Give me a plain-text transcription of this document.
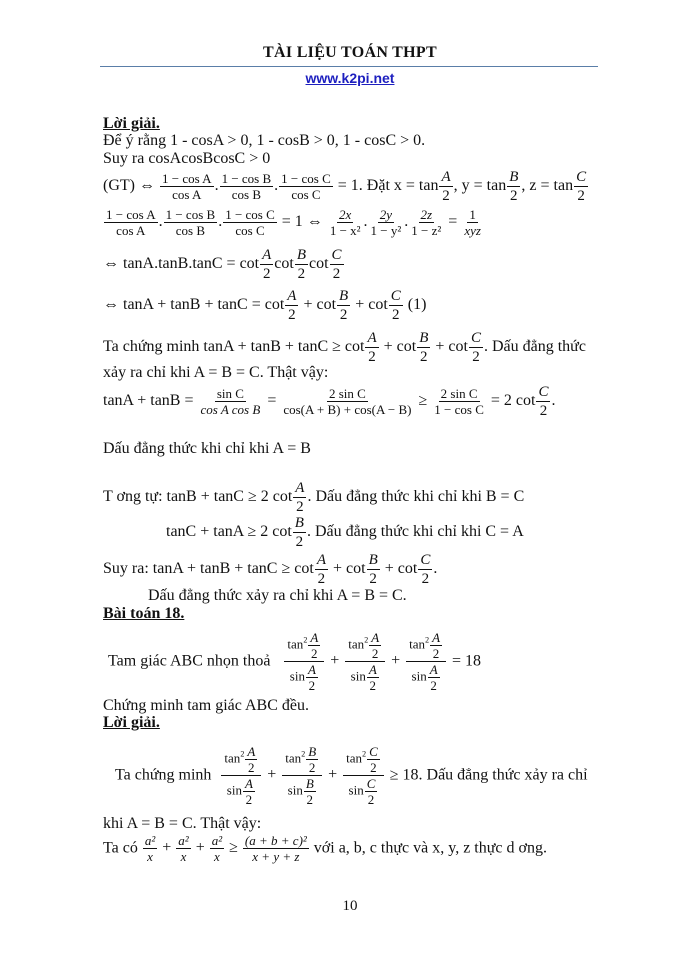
TÀI LIỆU TOÁN THPT
www.k2pi.net
Lời giải.
Để ý rằng 1 - cosA > 0, 1 - cosB > 0, 1 - cosC > 0.
Suy ra cosAcosBcosC > 0
(GT) ⇔ $\frac{\text{1 − cos A}}{\text{cos A}}$ . $\frac{\text{1 − cos B}}{\text{cos B}}$ . $\frac{\text{1 − cos C}}{\text{cos C}} = 1$. Đặt $x = \tan \frac{A}{2}$ , $y = \tan \frac{B}{2}$ , $z = \tan \frac{C}{2}$
$\frac{\text{1 − cos A}}{\text{cos A}}$ . $\frac{\text{1 − cos B}}{\text{cos B}}$ . $\frac{\text{1 − cos C}}{\text{cos C}} = 1$ ⇔ $\frac{2x}{\text{1 − x²}}$ . $\frac{2y}{\text{1 − y²}}$ . $\frac{2z}{\text{1 − z²}} = \frac{1}{\text{xyz}}$
⇔ $\tan A.\tan B.\tan C = \cot \frac{A}{2}$ $\cot \frac{B}{2}$ $\cot \frac{C}{2}$
⇔ $\tan A + \tan B + \tan C = \cot \frac{A}{2} + \cot \frac{B}{2} + \cot \frac{C}{2} (1)$
Ta chứng minh $\tan A + \tan B + \tan C \ge \cot \frac{A}{2} + \cot \frac{B}{2} + \cot \frac{C}{2}$ . Dấu đẳng thức
xảy ra chỉ khi A = B = C. Thật vậy:
$\tan A + \tan B = \frac{\text{sin C}}{\text{cos A cos B}} = \frac{\text{2 sin C}}{\cos(A + B) + \cos(A - B)} \ge \frac{\text{2 sin C}}{\text{1 − cos C}} = 2$ $\cot \frac{C}{2}$ .
Dấu đẳng thức khi chỉ khi A = B
T ơng tự: tanB + tanC ≥ 2 $\cot \frac{A}{2}$ . Dấu đẳng thức khi chỉ khi B = C
tanC + tanA ≥ 2 $\cot \frac{B}{2}$ . Dấu đẳng thức khi chỉ khi C = A
Suy ra: $\tan A + \tan B + \tan C \ge \cot \frac{A}{2} + \cot \frac{B}{2} + \cot \frac{C}{2}$ .
Dấu đẳng thức xảy ra chỉ khi A = B = C.
Bài toán 18.
Tam giác ABC nhọn thoả $\frac{\tan^2 \frac{A}{2}}{\sin \frac{A}{2}} + \frac{\tan^2 \frac{A}{2}}{\sin \frac{A}{2}} + \frac{\tan^2 \frac{A}{2}}{\sin \frac{A}{2}} = 18$
Chứng minh tam giác ABC đều.
Lời giải.
Ta chứng minh $\frac{\tan^2 \frac{A}{2}}{\sin \frac{A}{2}} + \frac{\tan^2 \frac{B}{2}}{\sin \frac{B}{2}} + \frac{\tan^2 \frac{C}{2}}{\sin \frac{C}{2}} \ge 18$. Dấu đẳng thức xảy ra chỉ
khi A = B = C. Thật vậy:
Ta có $\frac{\text{a²}}{x} + \frac{\text{a²}}{x} + \frac{\text{a²}}{x} \ge \frac{\text{(a + b + c)²}}{x + y + z}$ với a, b, c thực và x, y, z thực d ơng.
10
